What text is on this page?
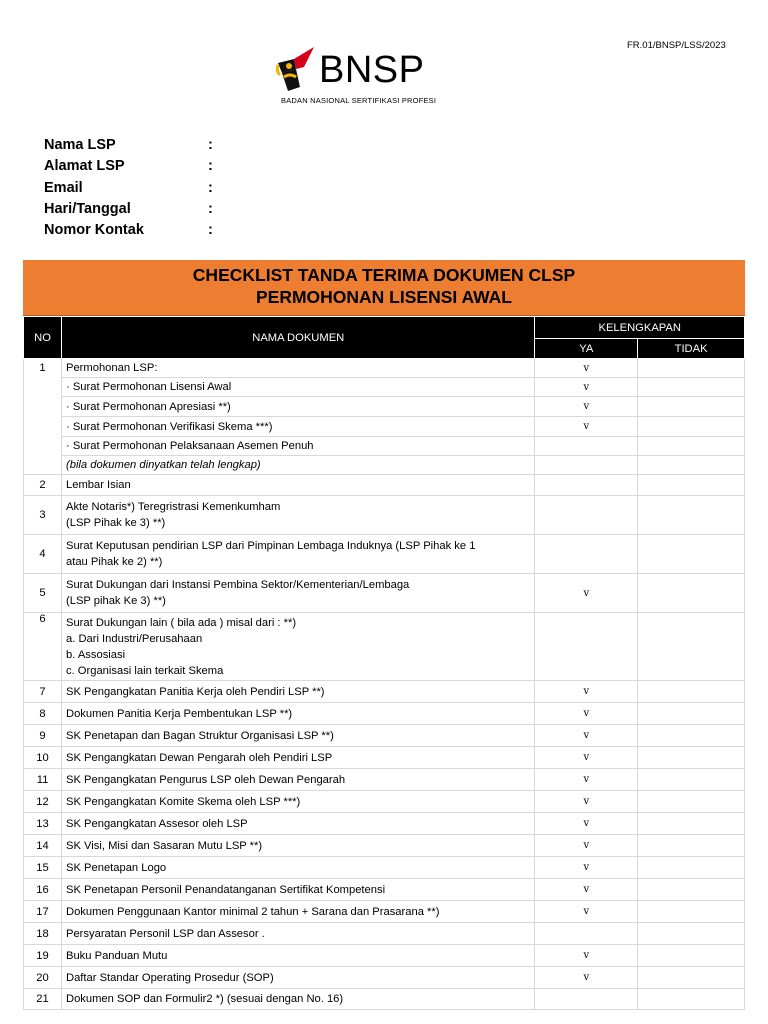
FR.01/BNSP/LSS/2023
BNSP
BADAN NASIONAL SERTIFIKASI PROFESI
Nama LSP	:
Alamat LSP	:
Email	:
Hari/Tanggal	:
Nomor Kontak	:
CHECKLIST TANDA TERIMA DOKUMEN CLSP
PERMOHONAN LISENSI AWAL
NO	NAMA DOKUMEN	KELENGKAPAN	
		YA	TIDAK
1	Permohonan LSP:	v	
	· Surat Permohonan Lisensi Awal	v	
	· Surat Permohonan Apresiasi **)	v	
	· Surat Permohonan Verifikasi Skema ***)	v	
	· Surat Permohonan Pelaksanaan Asemen Penuh		
	(bila dokumen dinyatkan telah lengkap)		
2	Lembar Isian		
3	Akte Notaris*) Teregristrasi Kemenkumham
(LSP Pihak ke 3) **)		

4	Surat Keputusan pendirian LSP dari Pimpinan Lembaga Induknya (LSP Pihak ke 1
atau Pihak ke 2) **)		

5	Surat Dukungan dari Instansi Pembina Sektor/Kementerian/Lembaga
(LSP pihak Ke 3) **)	v	
6	Surat Dukungan lain ( bila ada ) misal dari : **)
a. Dari Industri/Perusahaan
b. Assosiasi
c. Organisasi lain terkait Skema		

7	SK Pengangkatan Panitia Kerja oleh Pendiri LSP **)	v	
8	Dokumen Panitia Kerja Pembentukan LSP **)	v	
9	SK Penetapan dan Bagan Struktur Organisasi LSP **)	v	
10	SK Pengangkatan Dewan Pengarah oleh Pendiri LSP	v	
11	SK Pengangkatan Pengurus LSP oleh Dewan Pengarah	v	
12	SK Pengangkatan Komite Skema oleh LSP ***)	v	
13	SK Pengangkatan Assesor oleh LSP	v	
14	SK Visi, Misi dan Sasaran Mutu LSP **)	v	
15	SK Penetapan Logo	v	
16	SK Penetapan Personil Penandatanganan Sertifikat Kompetensi	v	
17	Dokumen Penggunaan Kantor minimal 2 tahun + Sarana dan Prasarana **)	v	
18	Persyaratan Personil LSP dan Assesor .		
19	Buku Panduan Mutu	v	
20	Daftar Standar Operating Prosedur (SOP)	v	
21	Dokumen SOP dan Formulir2 *) (sesuai dengan No. 16)		
